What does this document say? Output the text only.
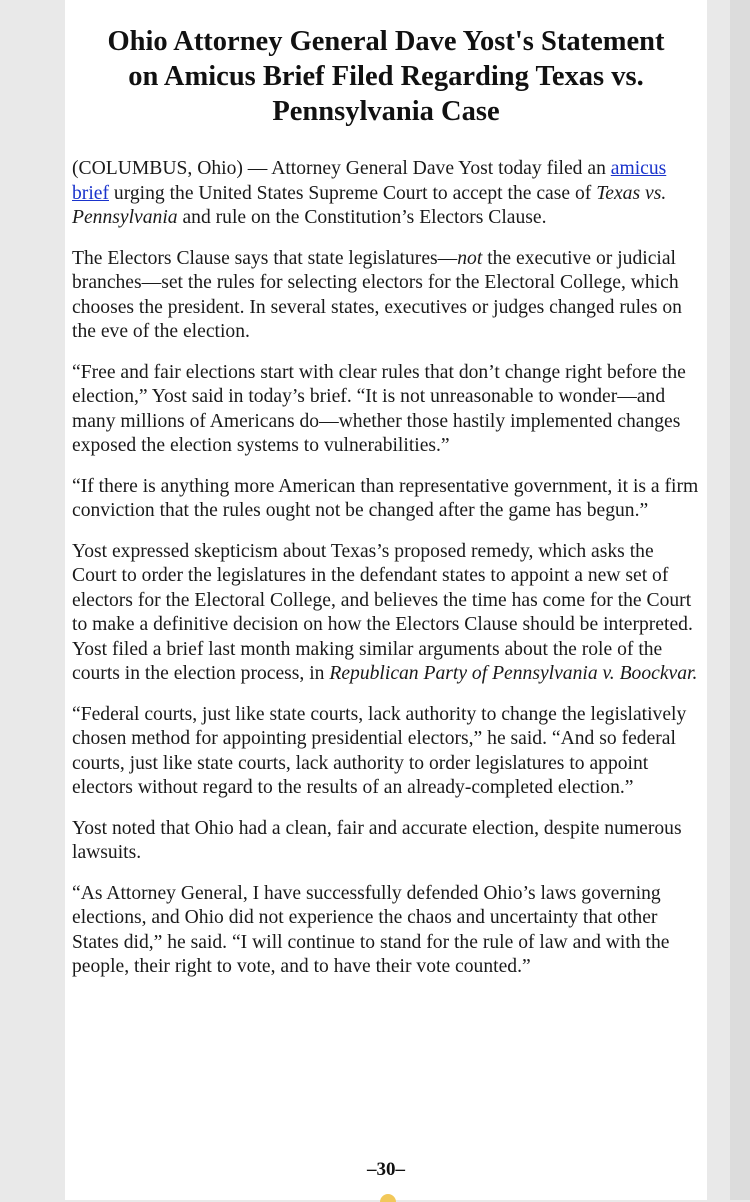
Ohio Attorney General Dave Yost's Statement
on Amicus Brief Filed Regarding Texas vs.
Pennsylvania Case

(COLUMBUS, Ohio) — Attorney General Dave Yost today filed an amicus brief urging the United States Supreme Court to accept the case of Texas vs. Pennsylvania and rule on the Constitution’s Electors Clause.

The Electors Clause says that state legislatures—not the executive or judicial branches—set the rules for selecting electors for the Electoral College, which chooses the president. In several states, executives or judges changed rules on the eve of the election.

“Free and fair elections start with clear rules that don’t change right before the election,” Yost said in today’s brief. “It is not unreasonable to wonder—and many millions of Americans do—whether those hastily implemented changes exposed the election systems to vulnerabilities.”

“If there is anything more American than representative government, it is a firm conviction that the rules ought not be changed after the game has begun.”

Yost expressed skepticism about Texas’s proposed remedy, which asks the Court to order the legislatures in the defendant states to appoint a new set of electors for the Electoral College, and believes the time has come for the Court to make a definitive decision on how the Electors Clause should be interpreted. Yost filed a brief last month making similar arguments about the role of the courts in the election process, in Republican Party of Pennsylvania v. Boockvar.

“Federal courts, just like state courts, lack authority to change the legislatively chosen method for appointing presidential electors,” he said. “And so federal courts, just like state courts, lack authority to order legislatures to appoint electors without regard to the results of an already-completed election.”

Yost noted that Ohio had a clean, fair and accurate election, despite numerous lawsuits.

“As Attorney General, I have successfully defended Ohio’s laws governing elections, and Ohio did not experience the chaos and uncertainty that other States did,” he said. “I will continue to stand for the rule of law and with the people, their right to vote, and to have their vote counted.”

–30–
